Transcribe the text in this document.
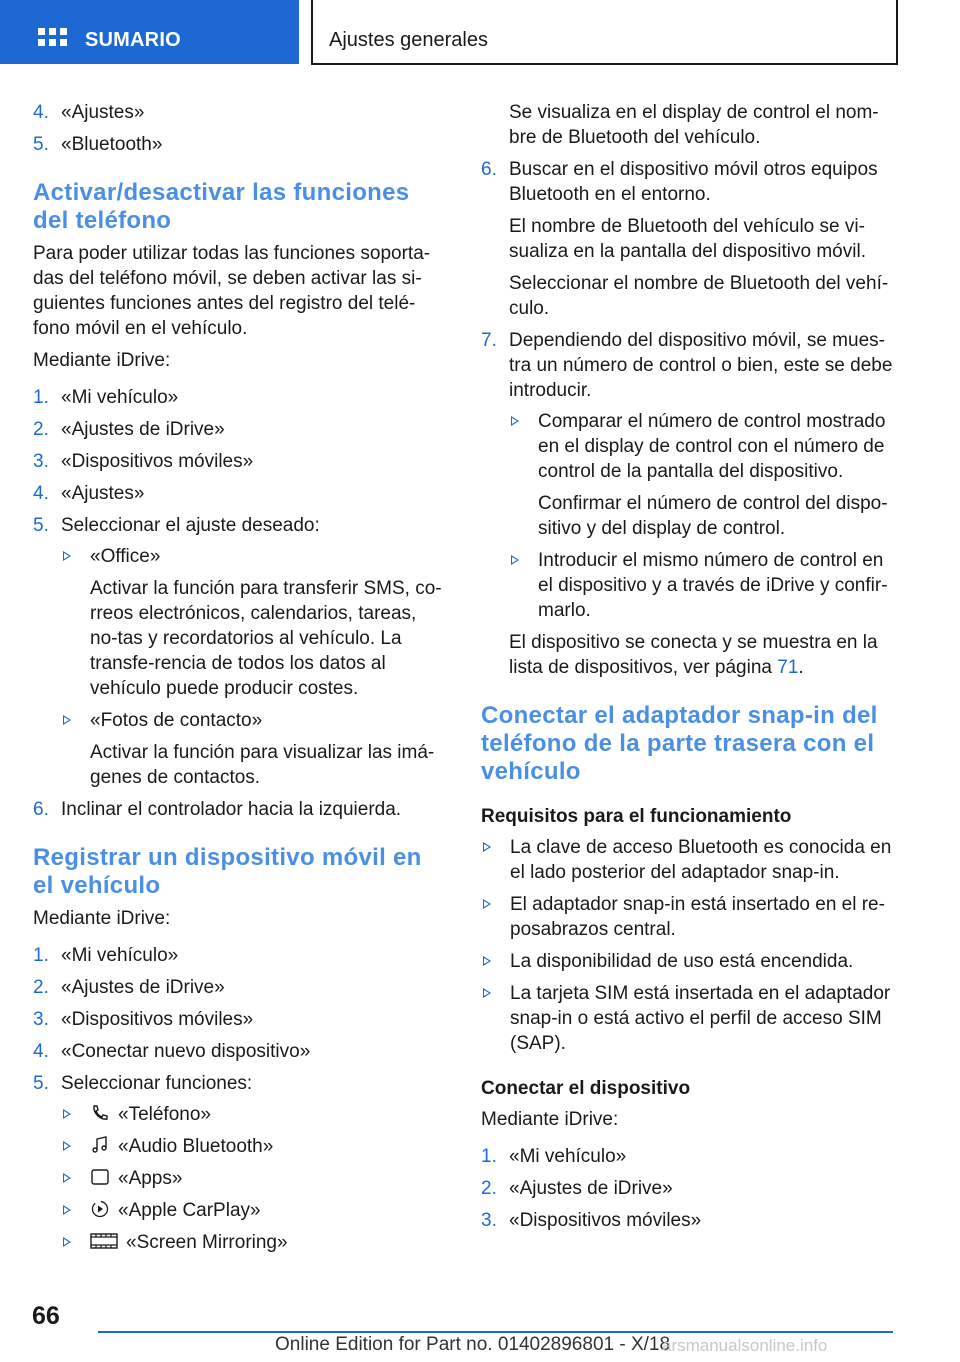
SUMARIO	Ajustes generales
4. «Ajustes»
5. «Bluetooth»
Activar/desactivar las funciones del teléfono

Para poder utilizar todas las funciones soporta-das del teléfono móvil, se deben activar las si-guientes funciones antes del registro del telé-fono móvil en el vehículo.

Mediante iDrive:

1. «Mi vehículo»
2. «Ajustes de iDrive»
3. «Dispositivos móviles»
4. «Ajustes»
5. Seleccionar el ajuste deseado:
«Office»
Activar la función para transferir SMS, co-rreos electrónicos, calendarios, tareas, no-tas y recordatorios al vehículo. La transfe-rencia de todos los datos al vehículo puede producir costes.
«Fotos de contacto»
Activar la función para visualizar las imá-genes de contactos.
6. Inclinar el controlador hacia la izquierda.
Registrar un dispositivo móvil en el vehículo

Mediante iDrive:

1. «Mi vehículo»
2. «Ajustes de iDrive»
3. «Dispositivos móviles»
4. «Conectar nuevo dispositivo»
5. Seleccionar funciones:
«Teléfono»
«Audio Bluetooth»
«Apps»
«Apple CarPlay»
«Screen Mirroring»

Se visualiza en el display de control el nom-bre de Bluetooth del vehículo.

6. Buscar en el dispositivo móvil otros equipos Bluetooth en el entorno.
El nombre de Bluetooth del vehículo se vi-sualiza en la pantalla del dispositivo móvil.
Seleccionar el nombre de Bluetooth del vehí-culo.
7. Dependiendo del dispositivo móvil, se mues-tra un número de control o bien, este se debe introducir.
Comparar el número de control mostrado en el display de control con el número de control de la pantalla del dispositivo.
Confirmar el número de control del dispo-sitivo y del display de control.
Introducir el mismo número de control en el dispositivo y a través de iDrive y confir-marlo.
El dispositivo se conecta y se muestra en la lista de dispositivos, ver página 71.
Conectar el adaptador snap-in del teléfono de la parte trasera con el vehículo
Requisitos para el funcionamiento
La clave de acceso Bluetooth es conocida en el lado posterior del adaptador snap-in.
El adaptador snap-in está insertado en el re-posabrazos central.
La disponibilidad de uso está encendida.
La tarjeta SIM está insertada en el adaptador snap-in o está activo el perfil de acceso SIM (SAP).
Conectar el dispositivo

Mediante iDrive:

1. «Mi vehículo»
2. «Ajustes de iDrive»
3. «Dispositivos móviles»
66
Online Edition for Part no. 01402896801 - X/18
arsmanualsonline.info
